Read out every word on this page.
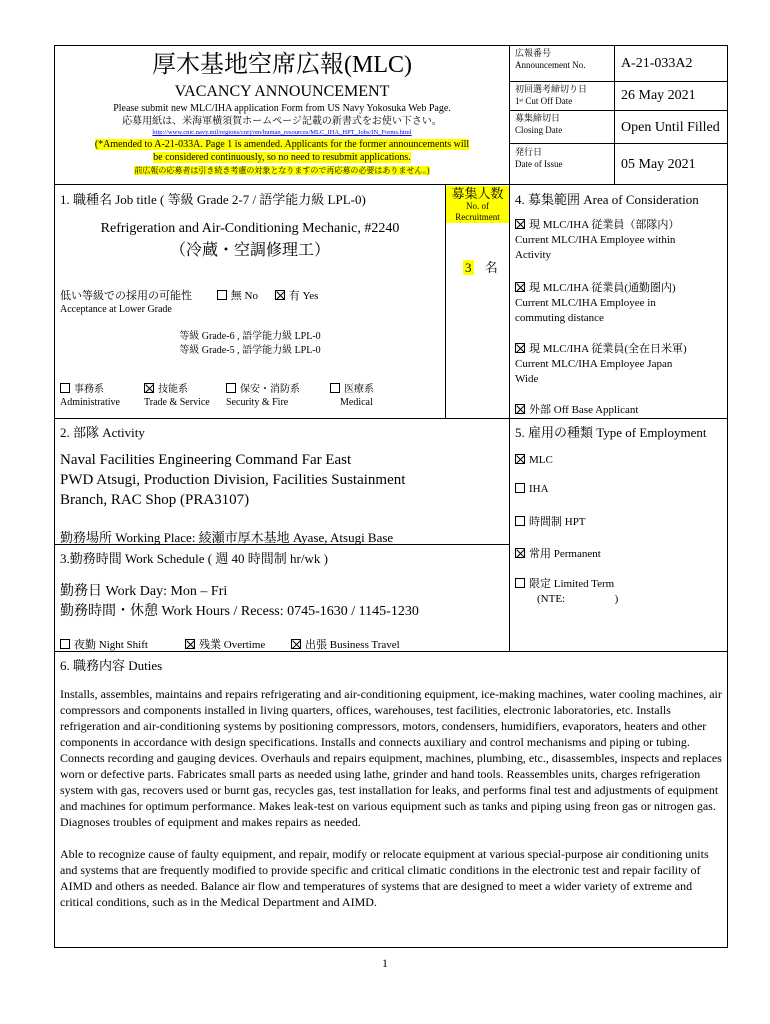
厚木基地空席広報(MLC)
VACANCY ANNOUNCEMENT
Please submit new MLC/IHA application Form from US Navy Yokosuka Web Page.
応募用紙は、米海軍横須賀ホームページ記載の新書式をお使い下さい。
http://www.cnic.navy.mil/regions/cnrj/om/human_resources/MLC_IHA_HPT_Jobs/IN_Forms.html
(*Amended to A-21-033A. Page 1 is amended. Applicants for the former announcements will
be considered continuously, so no need to resubmit applications.
前広報の応募者は引き続き考慮の対象となりますので再応募の必要はありません。)
広報番号
Announcement No.	A-21-033A2
初回選考締切り日
1ˢᵗ Cut Off Date	26 May 2021
募集締切日
Closing Date	Open Until Filled
発行日
Date of Issue	05 May 2021
1. 職種名 Job title ( 等級 Grade 2-7 / 語学能力級 LPL-0)
Refrigeration and Air-Conditioning Mechanic, #2240
（冷蔵・空調修理工）
募集人数
No. of
Recruitment
3 名
低い等級での採用の可能性	無 No	有 Yes
Acceptance at Lower Grade
等級 Grade-6 , 語学能力級 LPL-0
等級 Grade-5 , 語学能力級 LPL-0
事務系
Administrative
技能系
Trade & Service
保安・消防系
Security & Fire
医療系
Medical
4. 募集範囲 Area of Consideration
現 MLC/IHA 従業員（部隊内）
Current MLC/IHA Employee within
Activity
現 MLC/IHA 従業員(通勤圏内)
Current MLC/IHA Employee in
commuting distance
現 MLC/IHA 従業員(全在日米軍)
Current MLC/IHA Employee Japan
Wide
外部 Off Base Applicant
2. 部隊 Activity
Naval Facilities Engineering Command Far East
PWD Atsugi, Production Division, Facilities Sustainment
Branch, RAC Shop (PRA3107)
勤務場所 Working Place: 綾瀬市厚木基地 Ayase, Atsugi Base
5. 雇用の種類 Type of Employment
MLC
IHA
時間制 HPT
常用 Permanent
限定 Limited Term
(NTE:                  )
3.勤務時間 Work Schedule ( 週 40 時間制 hr/wk )
勤務日 Work Day: Mon – Fri
勤務時間・休憩 Work Hours / Recess: 0745-1630 / 1145-1230
夜勤 Night Shift	残業 Overtime	出張 Business Travel
6. 職務内容 Duties
Installs, assembles, maintains and repairs refrigerating and air-conditioning equipment, ice-making machines, water cooling machines, air compressors and components installed in living quarters, offices, warehouses, test facilities, electronic laboratories, etc. Installs refrigeration and air-conditioning systems by positioning compressors, motors, condensers, humidifiers, evaporators, heaters and other components in accordance with design specifications. Installs and connects auxiliary and control mechanisms and piping or tubing. Connects recording and gauging devices. Overhauls and repairs equipment, machines, plumbing, etc., disassembles, inspects and replaces worn or defective parts. Fabricates small parts as needed using lathe, grinder and hand tools. Reassembles units, charges refrigeration system with gas, recovers used or burnt gas, recycles gas, test installation for leaks, and performs final test and adjustments of equipment and machines for optimum performance. Makes leak-test on various equipment such as tanks and piping using freon gas or nitrogen gas. Diagnoses troubles of equipment and makes repairs as needed.
Able to recognize cause of faulty equipment, and repair, modify or relocate equipment at various special-purpose air conditioning units and systems that are frequently modified to provide specific and critical climatic conditions in the electronic test and repair facility of AIMD and others as needed. Balance air flow and temperatures of systems that are designed to meet a wider variety of extreme and critical conditions, such as in the Medical Department and AIMD.
1
